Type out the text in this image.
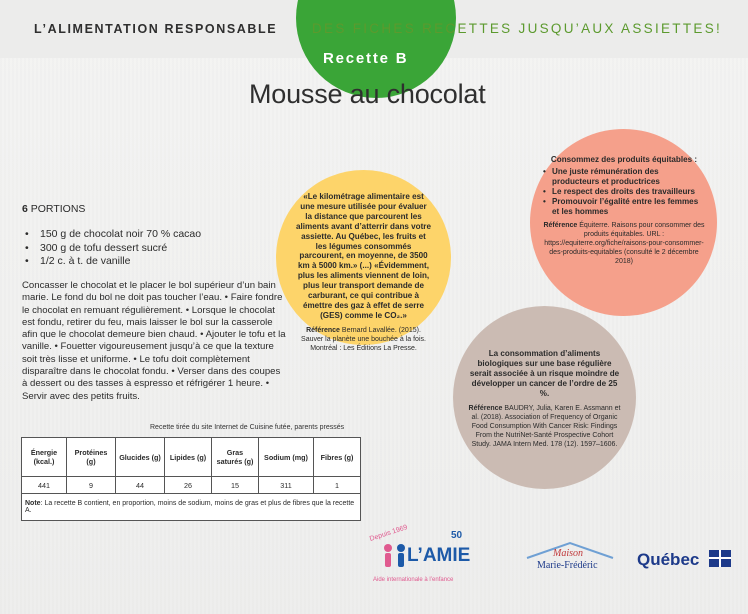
L’ALIMENTATION RESPONSABLE	DES FICHES RECETTES JUSQU’AUX ASSIETTES!
Recette B
Mousse au chocolat
6 PORTIONS
• 150 g de chocolat noir 70 % cacao
• 300 g de tofu dessert sucré
• 1/2 c. à t. de vanille

Concasser le chocolat et le placer le bol supérieur d’un bain marie. Le fond du bol ne doit pas toucher l’eau. • Faire fondre le chocolat en remuant régulièrement. • Lorsque le chocolat est fondu, retirer du feu, mais laisser le bol sur la casserole afin que le chocolat demeure bien chaud. • Ajouter le tofu et la vanille. • Fouetter vigoureusement jusqu’à ce que la texture soit très lisse et uniforme. • Le tofu doit complètement disparaître dans le chocolat fondu. • Verser dans des coupes à dessert ou des tasses à espresso et réfrigérer 1 heure. • Servir avec des petits fruits.

Recette tirée du site Internet de Cuisine futée, parents pressés
Énergie (kcal.)	Protéines (g)	Glucides (g)	Lipides (g)	Gras saturés (g)	Sodium (mg)	Fibres (g)
441	9	44	26	15	311	1
Note: La recette B contient, en proportion, moins de sodium, moins de gras et plus de fibres que la recette A.						
«Le kilométrage alimentaire est une mesure utilisée pour évaluer la distance que parcourent les aliments avant d’atterrir dans votre assiette. Au Québec, les fruits et les légumes consommés parcourent, en moyenne, de 3500 km à 5000 km.» (...) «Évidemment, plus les aliments viennent de loin, plus leur transport demande de carburant, ce qui contribue à émettre des gaz à effet de serre (GES) comme le CO₂.»
Référence Bernard Lavallée. (2015). Sauver la planète une bouchée à la fois. Montréal : Les Éditions La Presse.
Consommez des produits équitables :
• Une juste rémunération des producteurs et productrices
• Le respect des droits des travailleurs
• Promouvoir l’égalité entre les femmes et les hommes
Référence Équiterre. Raisons pour consommer des produits équitables. URL : https://equiterre.org/fiche/raisons-pour-consommer-des-produits-equitables (consulté le 2 décembre 2018)
La consommation d’aliments biologiques sur une base régulière serait associée à un risque moindre de développer un cancer de l’ordre de 25 %.
Référence BAUDRY, Julia, Karen E. Assmann et al. (2018). Association of Frequency of Organic Food Consumption With Cancer Risk: Findings From the NutriNet-Santé Prospective Cohort Study. JAMA Intern Med. 178 (12). 1597–1606.
Depuis 1969	50
L’AMIE
Aide internationale à l’enfance
Maison
Marie-Frédéric Québec
